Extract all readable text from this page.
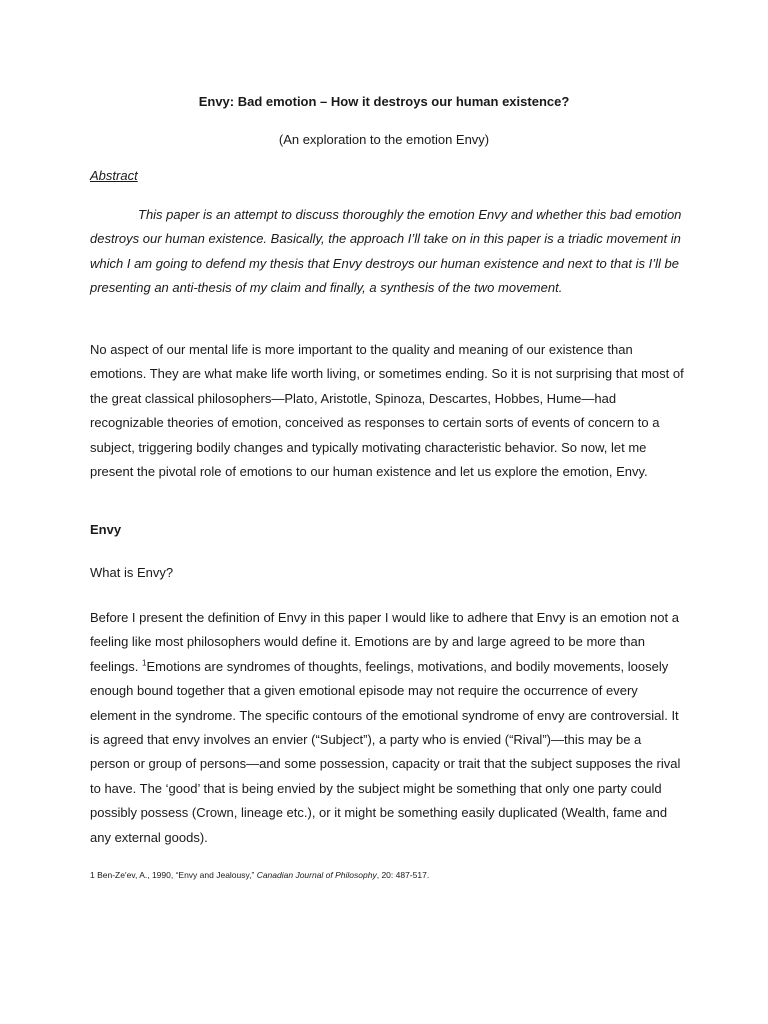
Envy: Bad emotion – How it destroys our human existence?

(An exploration to the emotion Envy)

Abstract

This paper is an attempt to discuss thoroughly the emotion Envy and whether this bad emotion destroys our human existence. Basically, the approach I’ll take on in this paper is a triadic movement in which I am going to defend my thesis that Envy destroys our human existence and next to that is I’ll be presenting an anti-thesis of my claim and finally, a synthesis of the two movement.

No aspect of our mental life is more important to the quality and meaning of our existence than emotions. They are what make life worth living, or sometimes ending. So it is not surprising that most of the great classical philosophers—Plato, Aristotle, Spinoza, Descartes, Hobbes, Hume—had recognizable theories of emotion, conceived as responses to certain sorts of events of concern to a subject, triggering bodily changes and typically motivating characteristic behavior. So now, let me present the pivotal role of emotions to our human existence and let us explore the emotion, Envy.

Envy

What is Envy?

Before I present the definition of Envy in this paper I would like to adhere that Envy is an emotion not a feeling like most philosophers would define it. Emotions are by and large agreed to be more than feelings. $^1$Emotions are syndromes of thoughts, feelings, motivations, and bodily movements, loosely enough bound together that a given emotional episode may not require the occurrence of every element in the syndrome. The specific contours of the emotional syndrome of envy are controversial. It is agreed that envy involves an envier (“Subject”), a party who is envied (“Rival”)—this may be a person or group of persons—and some possession, capacity or trait that the subject supposes the rival to have. The ‘good’ that is being envied by the subject might be something that only one party could possibly possess (Crown, lineage etc.), or it might be something easily duplicated (Wealth, fame and any external goods).

1 Ben-Ze'ev, A., 1990, “Envy and Jealousy,” Canadian Journal of Philosophy, 20: 487-517.
